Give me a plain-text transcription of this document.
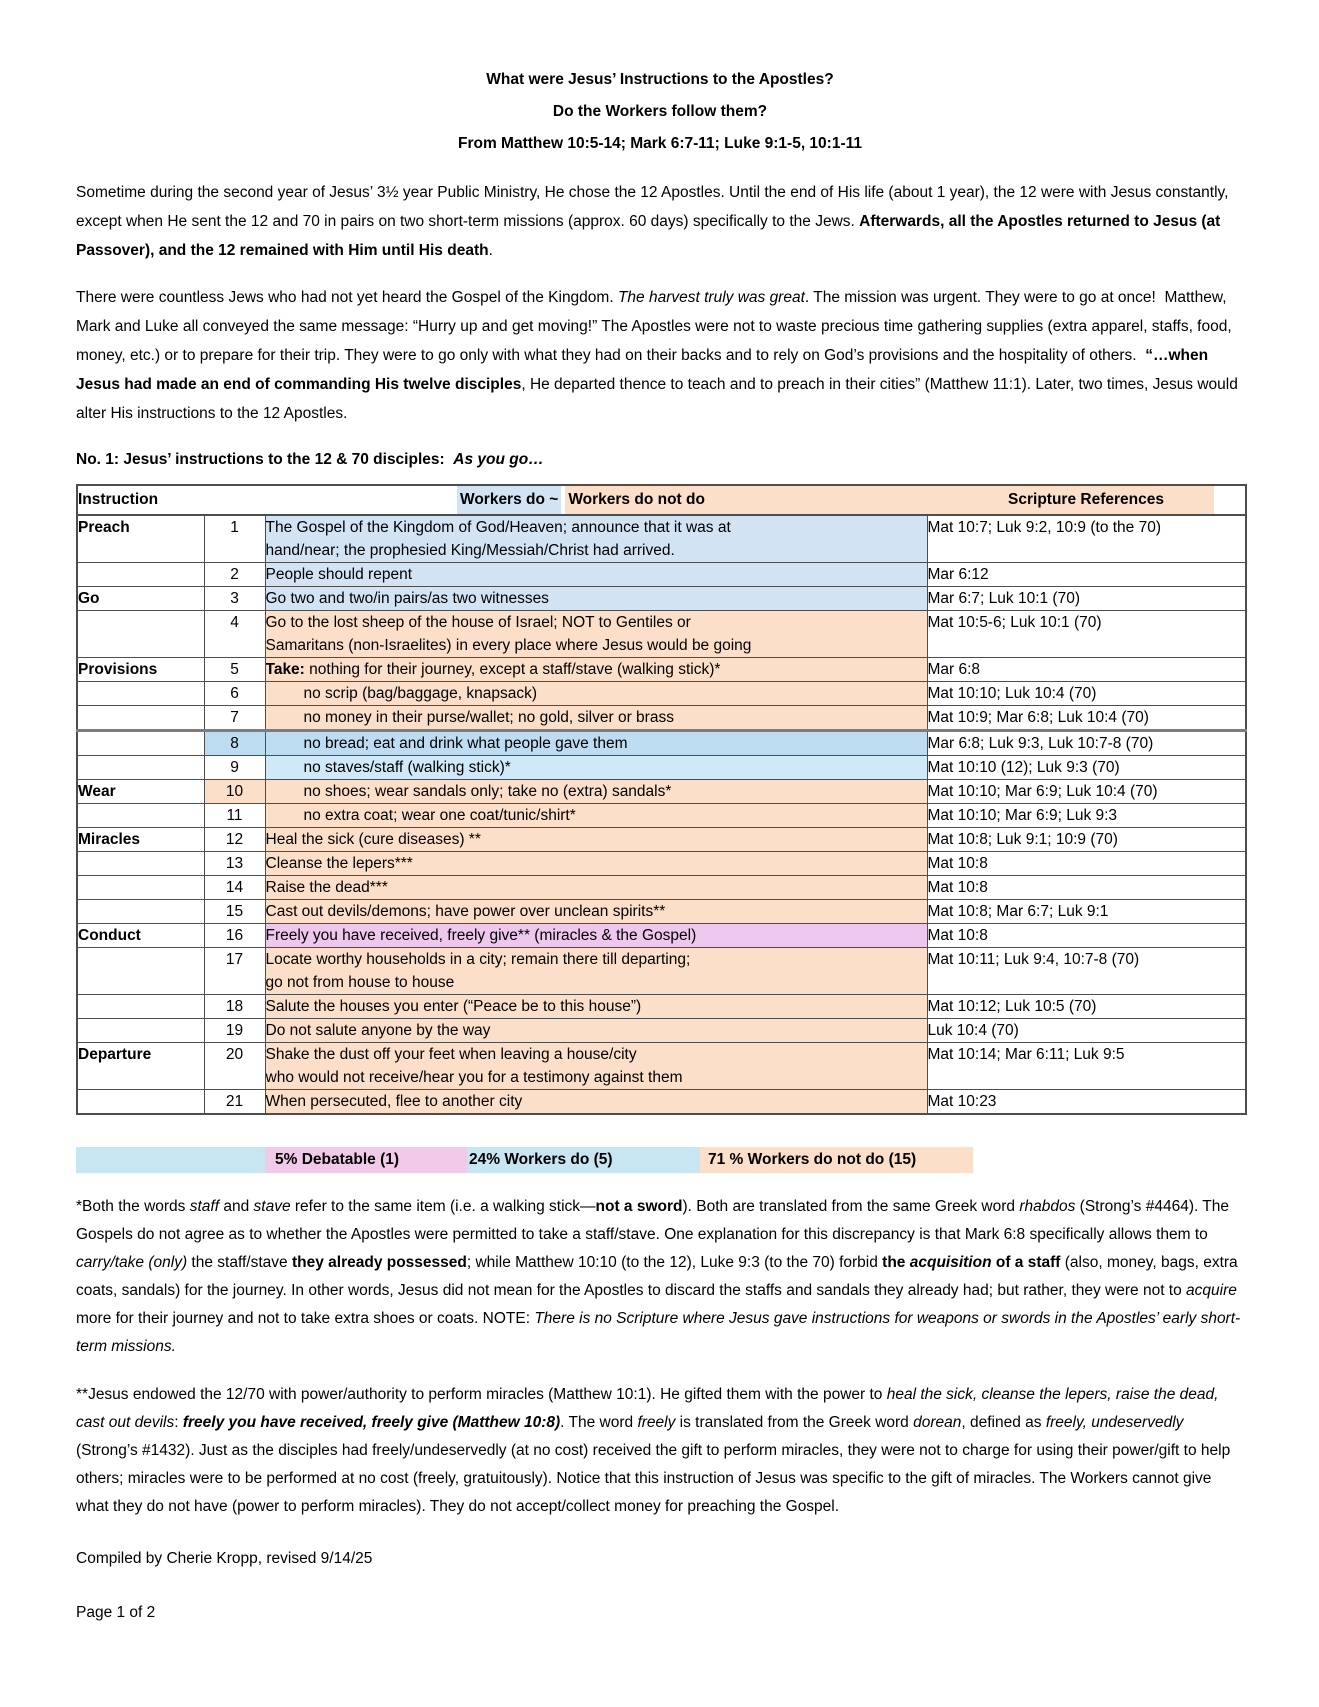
What were Jesus’ Instructions to the Apostles?
Do the Workers follow them?
From Matthew 10:5-14; Mark 6:7-11; Luke 9:1-5, 10:1-11

Sometime during the second year of Jesus’ 3½ year Public Ministry, He chose the 12 Apostles. Until the end of His life (about 1 year), the 12 were with Jesus constantly, except when He sent the 12 and 70 in pairs on two short-term missions (approx. 60 days) specifically to the Jews. Afterwards, all the Apostles returned to Jesus (at Passover), and the 12 remained with Him until His death.

There were countless Jews who had not yet heard the Gospel of the Kingdom. The harvest truly was great. The mission was urgent. They were to go at once!  Matthew, Mark and Luke all conveyed the same message: “Hurry up and get moving!” The Apostles were not to waste precious time gathering supplies (extra apparel, staffs, food, money, etc.) or to prepare for their trip. They were to go only with what they had on their backs and to rely on God’s provisions and the hospitality of others.  “…when Jesus had made an end of commanding His twelve disciples, He departed thence to teach and to preach in their cities” (Matthew 11:1). Later, two times, Jesus would alter His instructions to the 12 Apostles.

No. 1: Jesus’ instructions to the 12 & 70 disciples:  As you go…
Instruction		Workers do ~ Workers do not do	Scripture References

Preach	1	The Gospel of the Kingdom of God/Heaven; announce that it was at
hand/near; the prophesied King/Messiah/Christ had arrived.	Mat 10:7; Luk 9:2, 10:9 (to the 70)
	2	People should repent	Mar 6:12
Go	3	Go two and two/in pairs/as two witnesses	Mar 6:7; Luk 10:1 (70)
	4	Go to the lost sheep of the house of Israel; NOT to Gentiles or
Samaritans (non-Israelites) in every place where Jesus would be going	Mat 10:5-6; Luk 10:1 (70)
Provisions	5	Take: nothing for their journey, except a staff/stave (walking stick)*	Mar 6:8
	6	no scrip (bag/baggage, knapsack)	Mat 10:10; Luk 10:4 (70)
	7	no money in their purse/wallet; no gold, silver or brass	Mat 10:9; Mar 6:8; Luk 10:4 (70)
	8	no bread; eat and drink what people gave them	Mar 6:8; Luk 9:3, Luk 10:7-8 (70)
	9	no staves/staff (walking stick)*	Mat 10:10 (12); Luk 9:3 (70)
Wear	10	no shoes; wear sandals only; take no (extra) sandals*	Mat 10:10; Mar 6:9; Luk 10:4 (70)
	11	no extra coat; wear one coat/tunic/shirt*	Mat 10:10; Mar 6:9; Luk 9:3
Miracles	12	Heal the sick (cure diseases) **	Mat 10:8; Luk 9:1; 10:9 (70)
	13	Cleanse the lepers***	Mat 10:8
	14	Raise the dead***	Mat 10:8
	15	Cast out devils/demons; have power over unclean spirits**	Mat 10:8; Mar 6:7; Luk 9:1
Conduct	16	Freely you have received, freely give** (miracles & the Gospel)	Mat 10:8
	17	Locate worthy households in a city; remain there till departing;
go not from house to house	Mat 10:11; Luk 9:4, 10:7-8 (70)
	18	Salute the houses you enter (“Peace be to this house”)	Mat 10:12; Luk 10:5 (70)
	19	Do not salute anyone by the way	Luk 10:4 (70)
Departure	20	Shake the dust off your feet when leaving a house/city
who would not receive/hear you for a testimony against them	Mat 10:14; Mar 6:11; Luk 9:5
	21	When persecuted, flee to another city	Mat 10:23
5% Debatable (1)	24% Workers do (5)	71 % Workers do not do (15)

*Both the words staff and stave refer to the same item (i.e. a walking stick—not a sword). Both are translated from the same Greek word rhabdos (Strong’s #4464). The Gospels do not agree as to whether the Apostles were permitted to take a staff/stave. One explanation for this discrepancy is that Mark 6:8 specifically allows them to carry/take (only) the staff/stave they already possessed; while Matthew 10:10 (to the 12), Luke 9:3 (to the 70) forbid the acquisition of a staff (also, money, bags, extra coats, sandals) for the journey. In other words, Jesus did not mean for the Apostles to discard the staffs and sandals they already had; but rather, they were not to acquire more for their journey and not to take extra shoes or coats. NOTE: There is no Scripture where Jesus gave instructions for weapons or swords in the Apostles’ early short-term missions.

**Jesus endowed the 12/70 with power/authority to perform miracles (Matthew 10:1). He gifted them with the power to heal the sick, cleanse the lepers, raise the dead, cast out devils: freely you have received, freely give (Matthew 10:8). The word freely is translated from the Greek word dorean, defined as freely, undeservedly (Strong’s #1432). Just as the disciples had freely/undeservedly (at no cost) received the gift to perform miracles, they were not to charge for using their power/gift to help others; miracles were to be performed at no cost (freely, gratuitously). Notice that this instruction of Jesus was specific to the gift of miracles. The Workers cannot give what they do not have (power to perform miracles). They do not accept/collect money for preaching the Gospel.

Compiled by Cherie Kropp, revised 9/14/25
Page 1 of 2
